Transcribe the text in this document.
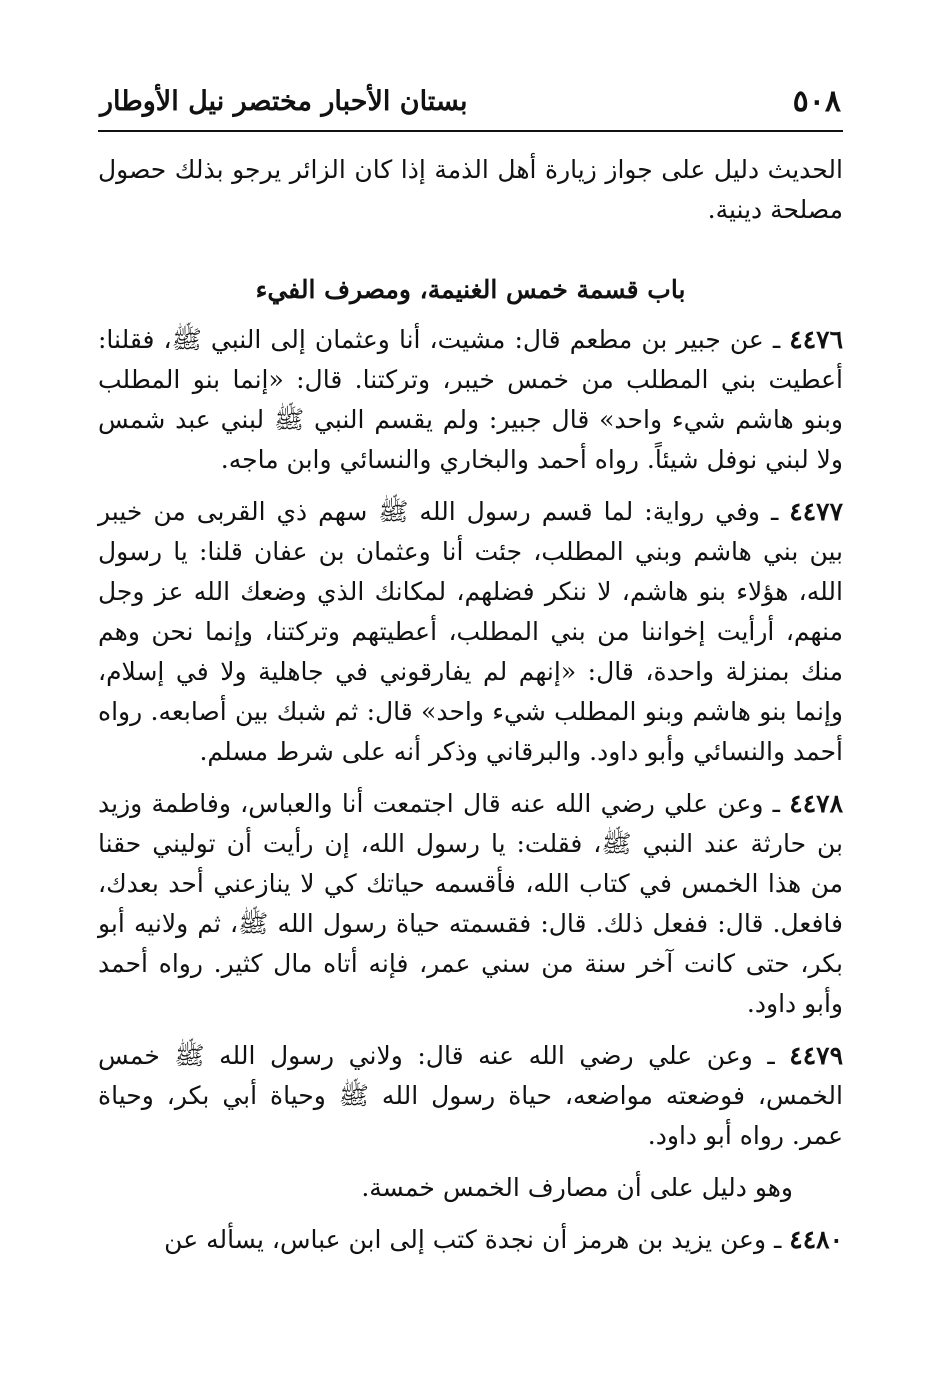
٥٠٨
بستان الأحبار مختصر نيل الأوطار

الحديث دليل على جواز زيارة أهل الذمة إذا كان الزائر يرجو بذلك حصول مصلحة دينية.

باب قسمة خمس الغنيمة، ومصرف الفيء

٤٤٧٦ ـ عن جبير بن مطعم قال: مشيت، أنا وعثمان إلى النبي ﷺ، فقلنا: أعطيت بني المطلب من خمس خيبر، وتركتنا. قال: «إنما بنو المطلب وبنو هاشم شيء واحد» قال جبير: ولم يقسم النبي ﷺ لبني عبد شمس ولا لبني نوفل شيئاً. رواه أحمد والبخاري والنسائي وابن ماجه.

٤٤٧٧ ـ وفي رواية: لما قسم رسول الله ﷺ سهم ذي القربى من خيبر بين بني هاشم وبني المطلب، جئت أنا وعثمان بن عفان قلنا: يا رسول الله، هؤلاء بنو هاشم، لا ننكر فضلهم، لمكانك الذي وضعك الله عز وجل منهم، أرأيت إخواننا من بني المطلب، أعطيتهم وتركتنا، وإنما نحن وهم منك بمنزلة واحدة، قال: «إنهم لم يفارقوني في جاهلية ولا في إسلام، وإنما بنو هاشم وبنو المطلب شيء واحد» قال: ثم شبك بين أصابعه. رواه أحمد والنسائي وأبو داود. والبرقاني وذكر أنه على شرط مسلم.

٤٤٧٨ ـ وعن علي رضي الله عنه قال اجتمعت أنا والعباس، وفاطمة وزيد بن حارثة عند النبي ﷺ، فقلت: يا رسول الله، إن رأيت أن توليني حقنا من هذا الخمس في كتاب الله، فأقسمه حياتك كي لا ينازعني أحد بعدك، فافعل. قال: ففعل ذلك. قال: فقسمته حياة رسول الله ﷺ، ثم ولانيه أبو بكر، حتى كانت آخر سنة من سني عمر، فإنه أتاه مال كثير. رواه أحمد وأبو داود.

٤٤٧٩ ـ وعن علي رضي الله عنه قال: ولاني رسول الله ﷺ خمس الخمس، فوضعته مواضعه، حياة رسول الله ﷺ وحياة أبي بكر، وحياة عمر. رواه أبو داود.

وهو دليل على أن مصارف الخمس خمسة.

٤٤٨٠ ـ وعن يزيد بن هرمز أن نجدة كتب إلى ابن عباس، يسأله عن
